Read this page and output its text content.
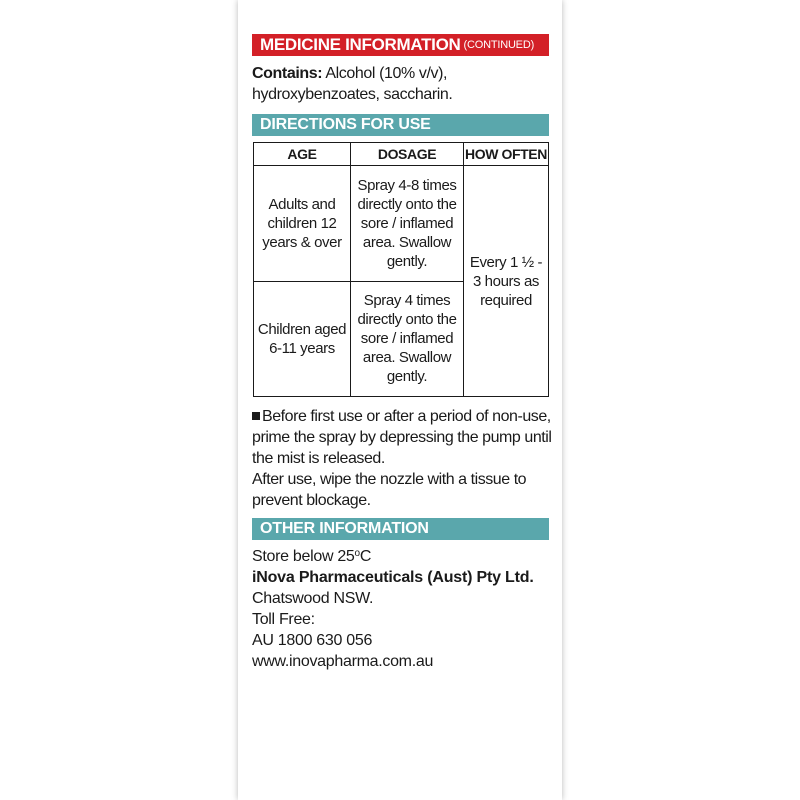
MEDICINE INFORMATION (CONTINUED)
Contains: Alcohol (10% v/v), hydroxybenzoates, saccharin.
DIRECTIONS FOR USE
AGE	DOSAGE	HOW OFTEN
Adults and children 12 years & over	Spray 4-8 times directly onto the sore / inflamed area. Swallow gently.	Every 1 ½ - 3 hours as required
Children aged 6-11 years	Spray 4 times directly onto the sore / inflamed area. Swallow gently.	

Before first use or after a period of non-use, prime the spray by depressing the pump until the mist is released.

After use, wipe the nozzle with a tissue to prevent blockage.

OTHER INFORMATION

Store below 25$^o$C

iNova Pharmaceuticals (Aust) Pty Ltd.

Chatswood NSW.

Toll Free:

AU 1800 630 056

www.inovapharma.com.au
